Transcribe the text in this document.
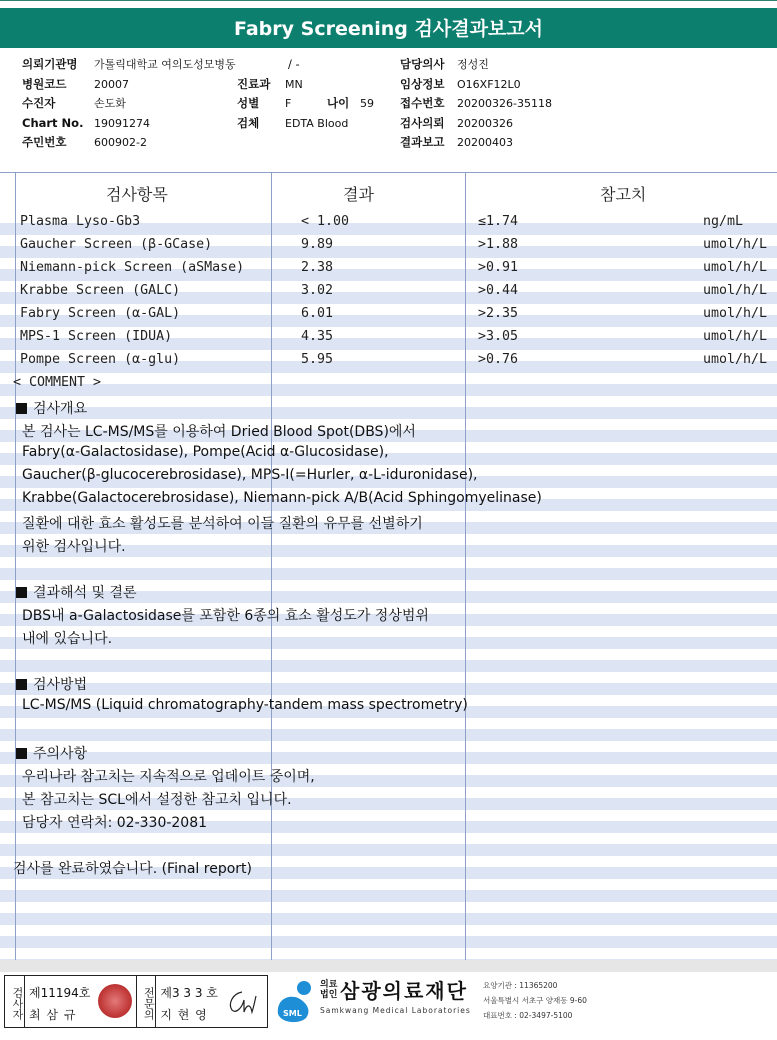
Fabry Screening 검사결과보고서
의뢰기관명 가톨릭대학교 여의도성모병동
병원코드	20007
수진자	손도화
Chart No. 19091274
주민번호	600902-2
/ -
진료과 MN
성별 F
검체 EDTA Blood
나이 59
담당의사 정성진
임상정보 O16XF12L0
접수번호 20200326-35118
검사의뢰 20200326
결과보고 20200403
검사항목	결과	참고치
Plasma Lyso-Gb3	< 1.00	≤1.74	ng/mL
Gaucher Screen (β-GCase)	9.89	>1.88	umol/h/L
Niemann-pick Screen (aSMase)	2.38	>0.91	umol/h/L
Krabbe Screen (GALC)	3.02	>0.44	umol/h/L
Fabry Screen (α-GAL)	6.01	>2.35	umol/h/L
MPS-1 Screen (IDUA)	4.35	>3.05	umol/h/L
Pompe Screen (α-glu)	5.95	>0.76	umol/h/L
< COMMENT >
검사개요
본 검사는 LC-MS/MS를 이용하여 Dried Blood Spot(DBS)에서
Fabry(α-Galactosidase), Pompe(Acid α-Glucosidase),
Gaucher(β-glucocerebrosidase), MPS-I(=Hurler, α-L-iduronidase),
Krabbe(Galactocerebrosidase), Niemann-pick A/B(Acid Sphingomyelinase)
질환에 대한 효소 활성도를 분석하여 이들 질환의 유무를 선별하기
위한 검사입니다.
결과해석 및 결론
DBS내 a-Galactosidase를 포함한 6종의 효소 활성도가 정상범위
내에 있습니다.
검사방법
LC-MS/MS (Liquid chromatography-tandem mass spectrometry)
주의사항
우리나라 참고치는 지속적으로 업데이트 중이며,
본 참고치는 SCL에서 설정한 참고치 입니다.
담당자 연락처: 02-330-2081
검사를 완료하였습니다. (Final report)
검사자 제11194호
최 삼 규	전문의 제3 3 3 호
지 현 영	SML
의료법인 삼광의료재단
Samkwang Medical Laboratories
요양기관 : 11365200
서울특별시 서초구 양재동 9-60
대표번호 : 02-3497-5100
